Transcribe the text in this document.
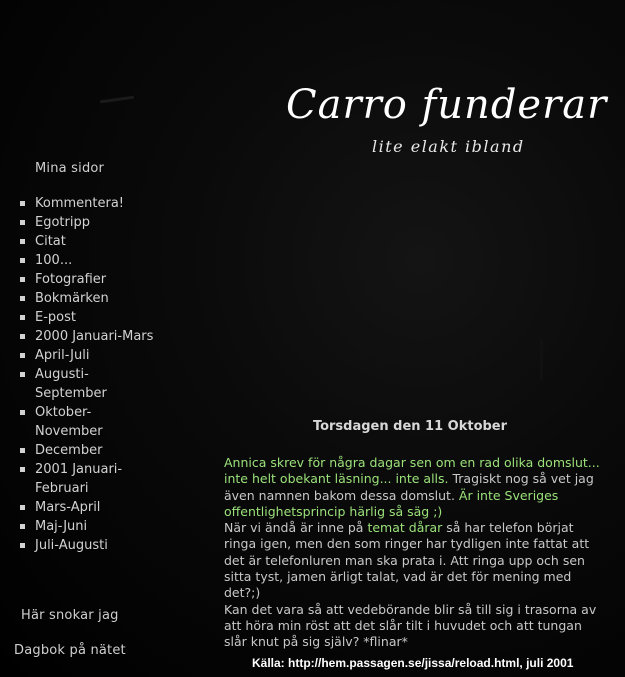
Carro funderar
lite elakt ibland
Mina sidor
Kommentera!
Egotripp
Citat
100...
Fotografier
Bokmärken
E-post
2000 Januari-Mars
April-Juli
Augusti-September
Oktober-November
December
2001 Januari-Februari
Mars-April
Maj-Juni
Juli-Augusti
Här snokar jag
Dagbok på nätet
Torsdagen den 11 Oktober

Annica skrev för några dagar sen om en rad olika domslut... inte helt obekant läsning... inte alls. Tragiskt nog så vet jag även namnen bakom dessa domslut. Är inte Sveriges offentlighetsprincip härlig så säg ;)

När vi ändå är inne på temat dårar så har telefon börjat ringa igen, men den som ringer har tydligen inte fattat att det är telefonluren man ska prata i. Att ringa upp och sen sitta tyst, jamen ärligt talat, vad är det för mening med det?;)

Kan det vara så att vedebörande blir så till sig i trasorna av att höra min röst att det slår tilt i huvudet och att tungan slår knut på sig själv? *flinar*

Källa: http://hem.passagen.se/jissa/reload.html, juli 2001
